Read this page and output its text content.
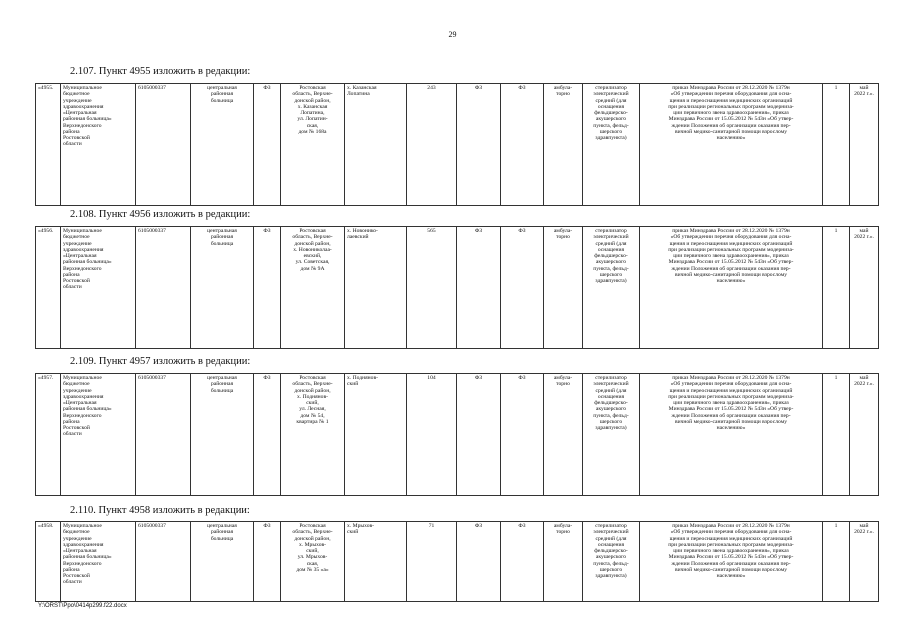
29
2.107. Пункт 4955 изложить в редакции:
«4955.	Муниципальное
бюджетное
учреждение
здравоохранения
«Центральная
районная больница»
Верхнедонского
района
Ростовской
области

6105000337	центральная
районная
больница

ФЗ	Ростовская
область, Верхне-
донской район,
х. Казанская
Лопатина,
ул. Лопатин-
ская,
дом № 168а

х. Казанская
Лопатина

243	ФЗ	ФЗ	амбула-
торно

стерилизатор
электрический
средний (для
оснащения
фельдшерско-
акушерского
пункта, фельд-
шерского
здравпункта)

приказ Минздрава России от 28.12.2020 № 1379н
«Об утверждении перечня оборудования для осна-
щения и переоснащения медицинских организаций
при реализации региональных программ модерниза-
ции первичного звена здравоохранения», приказ
Минздрава России от 15.05.2012 № 543н «Об утвер-
ждении Положения об организации оказания пер-
вичной медико-санитарной помощи взрослому
населению»

1	май
2022 г.».
2.108. Пункт 4956 изложить в редакции:
«4956.	Муниципальное
бюджетное
учреждение
здравоохранения
«Центральная
районная больница»
Верхнедонского
района
Ростовской
области

6105000337	центральная
районная
больница

ФЗ	Ростовская
область, Верхне-
донской район,
х. Новониколаа-
евский,
ул. Советская,
дом № 9А

х. Новонико-
лаевский

565	ФЗ	ФЗ	амбула-
торно

стерилизатор
электрический
средний (для
оснащения
фельдшерско-
акушерского
пункта, фельд-
шерского
здравпункта)

приказ Минздрава России от 28.12.2020 № 1379н
«Об утверждении перечня оборудования для осна-
щения и переоснащения медицинских организаций
при реализации региональных программ модерниза-
ции первичного звена здравоохранения», приказ
Минздрава России от 15.05.2012 № 543н «Об утвер-
ждении Положения об организации оказания пер-
вичной медико-санитарной помощи взрослому
населению»

1	май
2022 г.».
2.109. Пункт 4957 изложить в редакции:
«4957.	Муниципальное
бюджетное
учреждение
здравоохранения
«Центральная
районная больница»
Верхнедонского
района
Ростовской
области

6105000337	центральная
районная
больница

ФЗ	Ростовская
область, Верхне-
донской район,
х. Поднянов-
ский,
ул. Лесная,
дом № 54,
квартира № 1

х. Поднянов-
ский

104	ФЗ	ФЗ	амбула-
торно

стерилизатор
электрический
средний (для
оснащения
фельдшерско-
акушерского
пункта, фельд-
шерского
здравпункта)

приказ Минздрава России от 28.12.2020 № 1379н
«Об утверждении перечня оборудования для осна-
щения и переоснащения медицинских организаций
при реализации региональных программ модерниза-
ции первичного звена здравоохранения», приказ
Минздрава России от 15.05.2012 № 543н «Об утвер-
ждении Положения об организации оказания пер-
вичной медико-санитарной помощи взрослому
населению»

1	май
2022 г.».
2.110. Пункт 4958 изложить в редакции:
«4958.	Муниципальное
бюджетное
учреждение
здравоохранения
«Центральная
районная больница»
Верхнедонского
района
Ростовской
области

6105000337	центральная
районная
больница

ФЗ	Ростовская
область, Верхне-
донской район,
х. Мрыхов-
ский,
ул. Мрыхов-
ская,
дом № 35 «а»

х. Мрыхов-
ский

71	ФЗ	ФЗ	амбула-
торно

стерилизатор
электрический
средний (для
оснащения
фельдшерско-
акушерского
пункта, фельд-
шерского
здравпункта)

приказ Минздрава России от 28.12.2020 № 1379н
«Об утверждении перечня оборудования для осна-
щения и переоснащения медицинских организаций
при реализации региональных программ модерниза-
ции первичного звена здравоохранения», приказ
Минздрава России от 15.05.2012 № 543н «Об утвер-
ждении Положения об организации оказания пер-
вичной медико-санитарной помощи взрослому
населению»

1	май
2022 г.».
Y:\ORST\Ppo\0414p299.f22.docx
